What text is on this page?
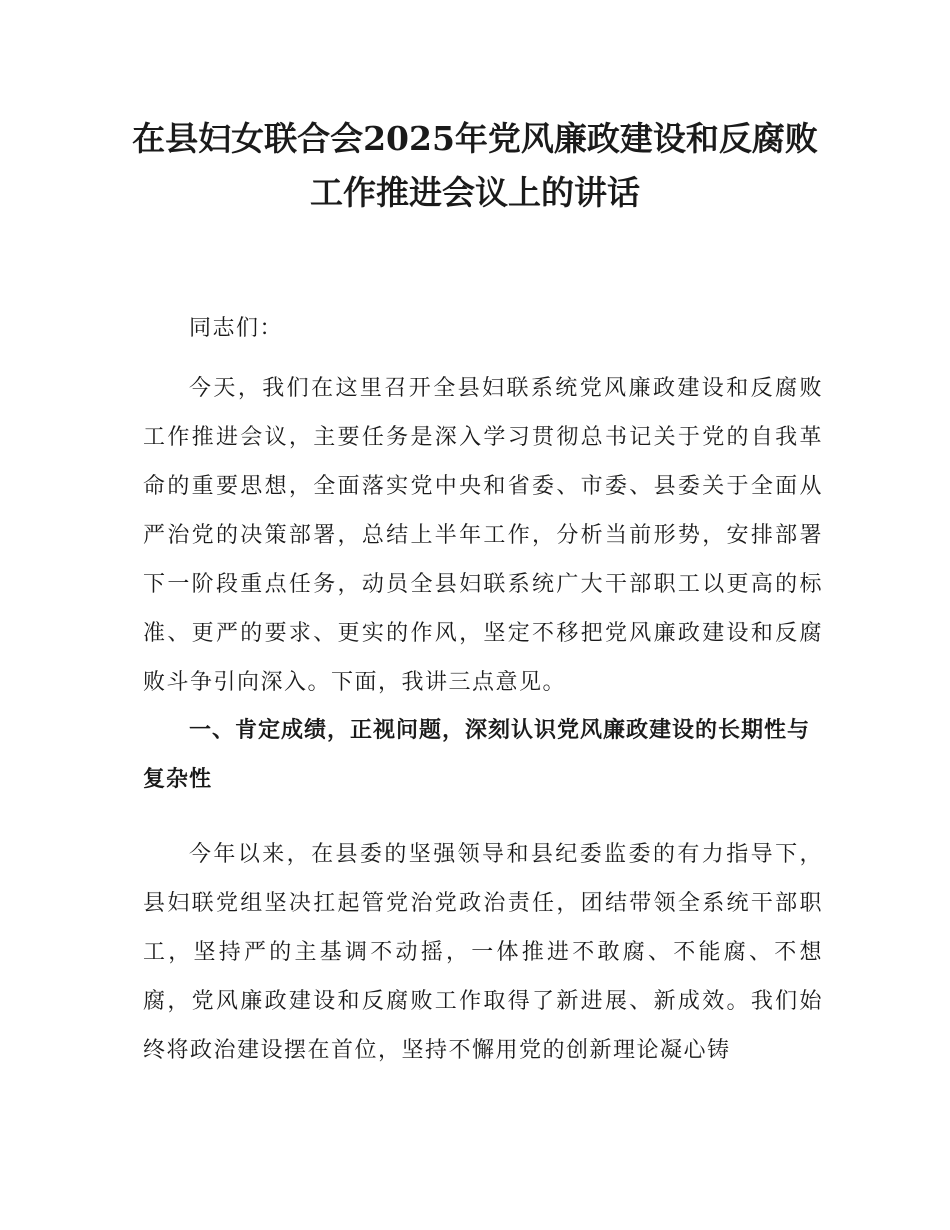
在县妇女联合会2025年党风廉政建设和反腐败工作推进会议上的讲话

同志们：

今天，我们在这里召开全县妇联系统党风廉政建设和反腐败工作推进会议，主要任务是深入学习贯彻总书记关于党的自我革命的重要思想，全面落实党中央和省委、市委、县委关于全面从严治党的决策部署，总结上半年工作，分析当前形势，安排部署下一阶段重点任务，动员全县妇联系统广大干部职工以更高的标准、更严的要求、更实的作风，坚定不移把党风廉政建设和反腐败斗争引向深入。下面，我讲三点意见。

一、肯定成绩，正视问题，深刻认识党风廉政建设的长期性与复杂性

今年以来，在县委的坚强领导和县纪委监委的有力指导下，县妇联党组坚决扛起管党治党政治责任，团结带领全系统干部职工，坚持严的主基调不动摇，一体推进不敢腐、不能腐、不想腐，党风廉政建设和反腐败工作取得了新进展、新成效。我们始终将政治建设摆在首位，坚持不懈用党的创新理论凝心铸
